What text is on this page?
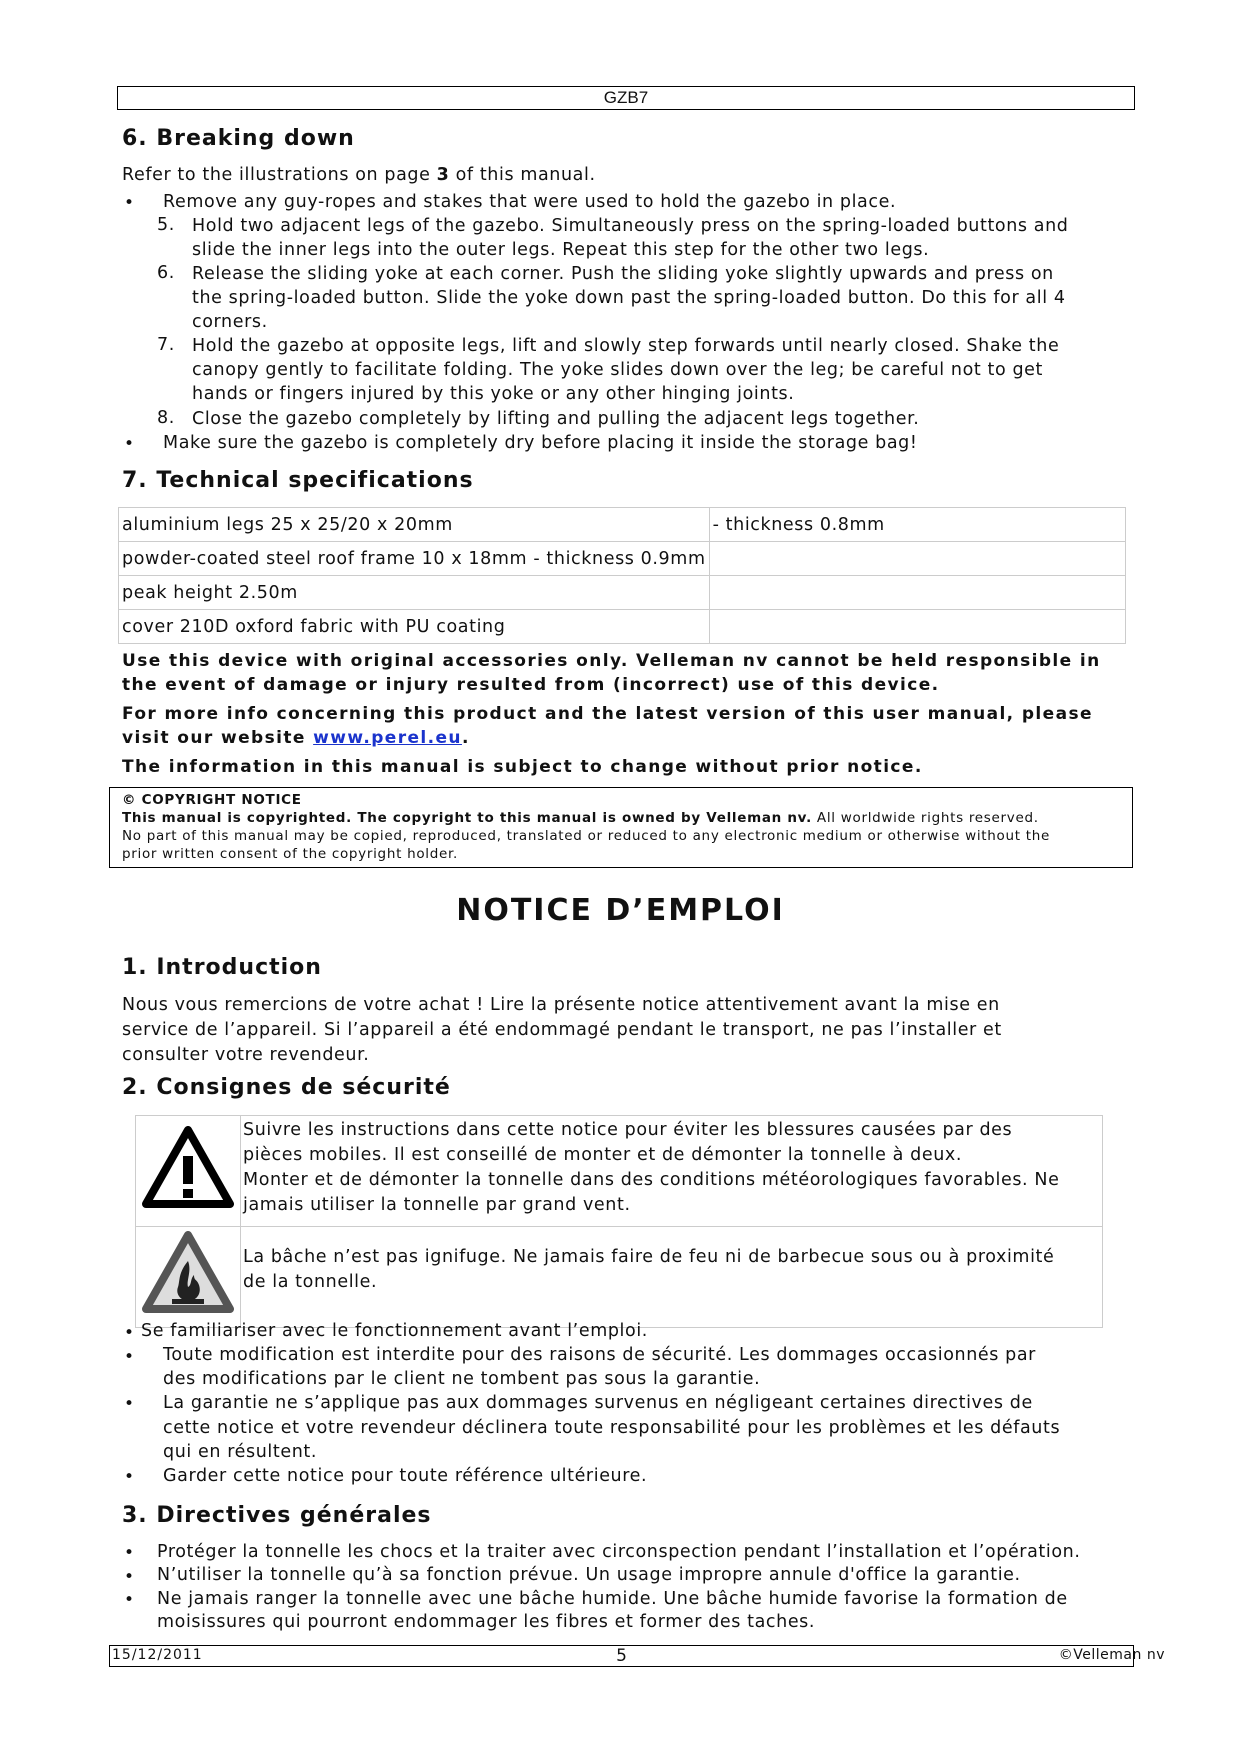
GZB7
6. Breaking down

Refer to the illustrations on page 3 of this manual.

• Remove any guy-ropes and stakes that were used to hold the gazebo in place.
5. Hold two adjacent legs of the gazebo. Simultaneously press on the spring-loaded buttons and
slide the inner legs into the outer legs. Repeat this step for the other two legs.
6. Release the sliding yoke at each corner. Push the sliding yoke slightly upwards and press on
the spring-loaded button. Slide the yoke down past the spring-loaded button. Do this for all 4
corners.
7. Hold the gazebo at opposite legs, lift and slowly step forwards until nearly closed. Shake the
canopy gently to facilitate folding. The yoke slides down over the leg; be careful not to get
hands or fingers injured by this yoke or any other hinging joints.
8. Close the gazebo completely by lifting and pulling the adjacent legs together.
• Make sure the gazebo is completely dry before placing it inside the storage bag!
7. Technical specifications
aluminium legs 25 x 25/20 x 20mm	- thickness 0.8mm
powder-coated steel roof frame 10 x 18mm - thickness 0.9mm	
peak height 2.50m	
cover 210D oxford fabric with PU coating	
Use this device with original accessories only. Velleman nv cannot be held responsible in
the event of damage or injury resulted from (incorrect) use of this device.
For more info concerning this product and the latest version of this user manual, please
visit our website www.perel.eu.
The information in this manual is subject to change without prior notice.
© COPYRIGHT NOTICE
This manual is copyrighted. The copyright to this manual is owned by Velleman nv. All worldwide rights reserved.
No part of this manual may be copied, reproduced, translated or reduced to any electronic medium or otherwise without the
prior written consent of the copyright holder.
NOTICE D’EMPLOI
1. Introduction
Nous vous remercions de votre achat ! Lire la présente notice attentivement avant la mise en
service de l’appareil. Si l’appareil a été endommagé pendant le transport, ne pas l’installer et
consulter votre revendeur.
2. Consignes de sécurité

Suivre les instructions dans cette notice pour éviter les blessures causées par des
pièces mobiles. Il est conseillé de monter et de démonter la tonnelle à deux.
Monter et de démonter la tonnelle dans des conditions météorologiques favorables. Ne
jamais utiliser la tonnelle par grand vent.

La bâche n’est pas ignifuge. Ne jamais faire de feu ni de barbecue sous ou à proximité
de la tonnelle.
• Se familiariser avec le fonctionnement avant l’emploi.
• Toute modification est interdite pour des raisons de sécurité. Les dommages occasionnés par
des modifications par le client ne tombent pas sous la garantie.
• La garantie ne s’applique pas aux dommages survenus en négligeant certaines directives de
cette notice et votre revendeur déclinera toute responsabilité pour les problèmes et les défauts
qui en résultent.
• Garder cette notice pour toute référence ultérieure.
3. Directives générales
• Protéger la tonnelle les chocs et la traiter avec circonspection pendant l’installation et l’opération.
• N’utiliser la tonnelle qu’à sa fonction prévue. Un usage impropre annule d'office la garantie.
• Ne jamais ranger la tonnelle avec une bâche humide. Une bâche humide favorise la formation de
moisissures qui pourront endommager les fibres et former des taches.
15/12/2011	5	©Velleman nv
